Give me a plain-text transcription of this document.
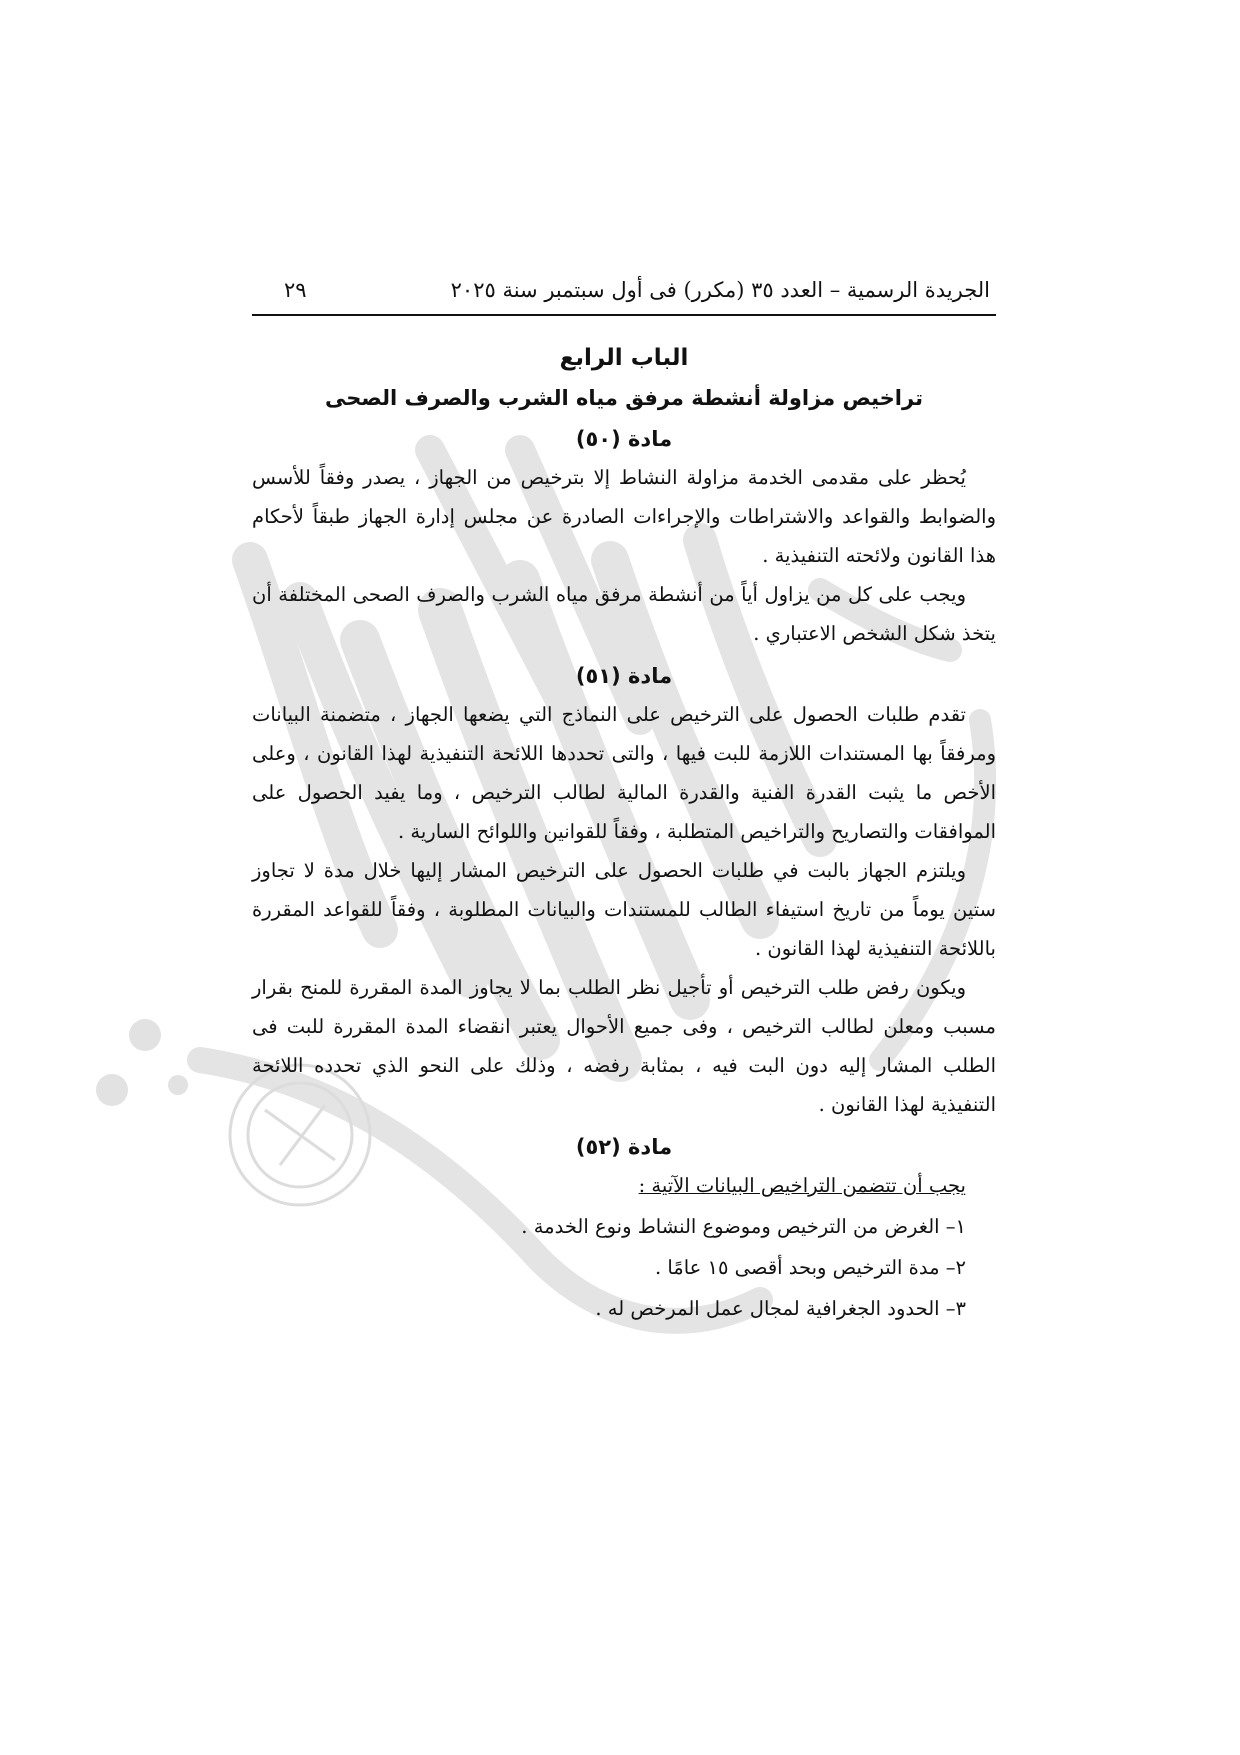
الجريدة الرسمية – العدد ٣٥ (مكرر) فى أول سبتمبر سنة ٢٠٢٥
٢٩
الباب الرابع
تراخيص مزاولة أنشطة مرفق مياه الشرب والصرف الصحى
مادة (٥٠)

يُحظر على مقدمى الخدمة مزاولة النشاط إلا بترخيص من الجهاز ، يصدر وفقاً للأسس والضوابط والقواعد والاشتراطات والإجراءات الصادرة عن مجلس إدارة الجهاز طبقاً لأحكام هذا القانون ولائحته التنفيذية .

ويجب على كل من يزاول أياً من أنشطة مرفق مياه الشرب والصرف الصحى المختلفة أن يتخذ شكل الشخص الاعتباري .

مادة (٥١)

تقدم طلبات الحصول على الترخيص على النماذج التي يضعها الجهاز ، متضمنة البيانات ومرفقاً بها المستندات اللازمة للبت فيها ، والتى تحددها اللائحة التنفيذية لهذا القانون ، وعلى الأخص ما يثبت القدرة الفنية والقدرة المالية لطالب الترخيص ، وما يفيد الحصول على الموافقات والتصاريح والتراخيص المتطلبة ، وفقاً للقوانين واللوائح السارية .

ويلتزم الجهاز بالبت في طلبات الحصول على الترخيص المشار إليها خلال مدة لا تجاوز ستين يوماً من تاريخ استيفاء الطالب للمستندات والبيانات المطلوبة ، وفقاً للقواعد المقررة باللائحة التنفيذية لهذا القانون .

ويكون رفض طلب الترخيص أو تأجيل نظر الطلب بما لا يجاوز المدة المقررة للمنح بقرار مسبب ومعلن لطالب الترخيص ، وفى جميع الأحوال يعتبر انقضاء المدة المقررة للبت فى الطلب المشار إليه دون البت فيه ، بمثابة رفضه ، وذلك على النحو الذي تحدده اللائحة التنفيذية لهذا القانون .

مادة (٥٢)

يجب أن تتضمن التراخيص البيانات الآتية :

١– الغرض من الترخيص وموضوع النشاط ونوع الخدمة .
٢– مدة الترخيص وبحد أقصى ١٥ عامًا .
٣– الحدود الجغرافية لمجال عمل المرخص له .
